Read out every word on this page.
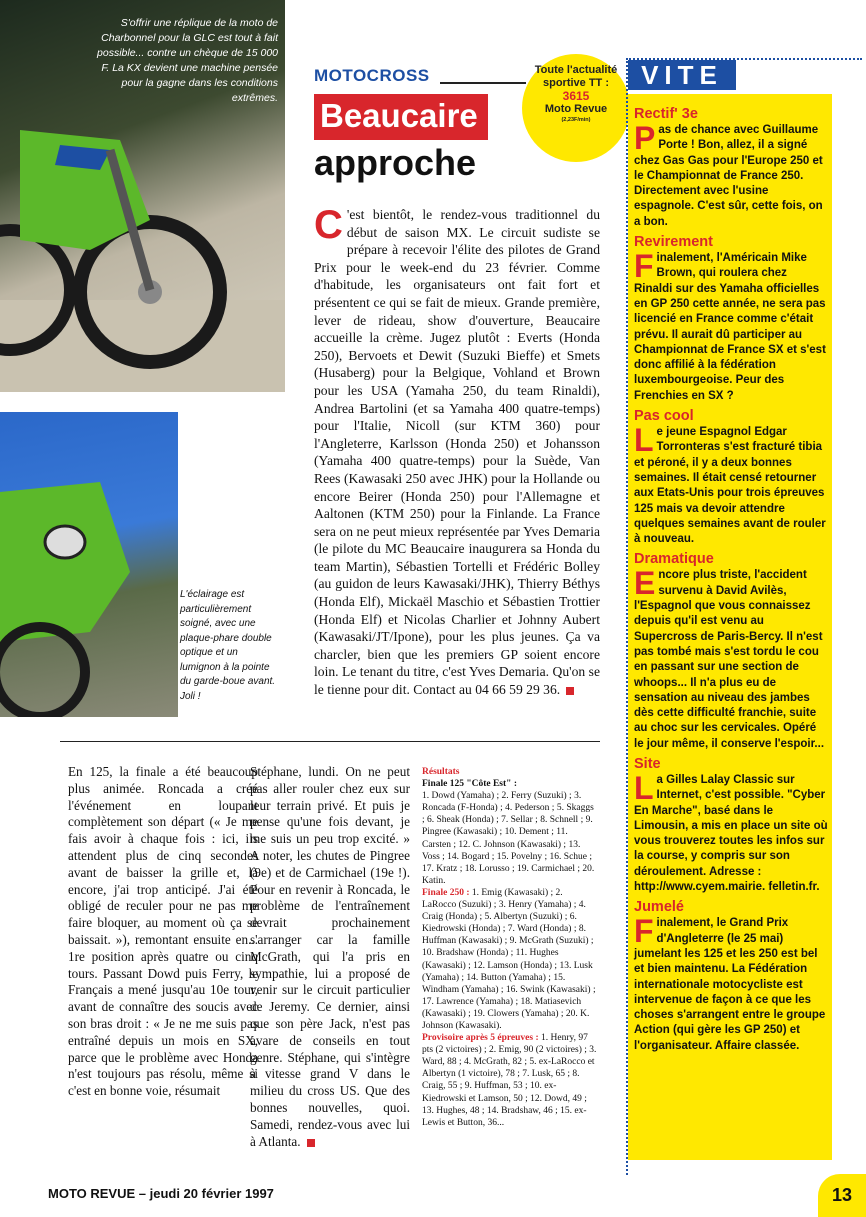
S'offrir une réplique de la moto de Charbonnel pour la GLC est tout à fait possible... contre un chèque de 15 000 F. La KX devient une machine pensée pour la gagne dans les conditions extrêmes.
L'éclairage est particulièrement soigné, avec une plaque-phare double optique et un lumignon à la pointe du garde-boue avant. Joli !
MOTOCROSS
Beaucaire
approche
Toute l'actualité sportive TT :
3615
Moto Revue
(2,23F/min)
C 'est bientôt, le rendez-vous traditionnel du début de saison MX. Le circuit sudiste se prépare à recevoir l'élite des pilotes de Grand Prix pour le week-end du 23 février. Comme d'habitude, les organisateurs ont fait fort et présentent ce qui se fait de mieux. Grande première, lever de rideau, show d'ouverture, Beaucaire accueille la crème. Jugez plutôt : Everts (Honda 250), Bervoets et Dewit (Suzuki Bieffe) et Smets (Husaberg) pour la Belgique, Vohland et Brown pour les USA (Yamaha 250, du team Rinaldi), Andrea Bartolini (et sa Yamaha 400 quatre-temps) pour l'Italie, Nicoll (sur KTM 360) pour l'Angleterre, Karlsson (Honda 250) et Johansson (Yamaha 400 quatre-temps) pour la Suède, Van Rees (Kawasaki 250 avec JHK) pour la Hollande ou encore Beirer (Honda 250) pour l'Allemagne et Aaltonen (KTM 250) pour la Finlande. La France sera on ne peut mieux représentée par Yves Demaria (le pilote du MC Beaucaire inaugurera sa Honda du team Martin), Sébastien Tortelli et Frédéric Bolley (au guidon de leurs Kawasaki/JHK), Thierry Béthys (Honda Elf), Mickaël Maschio et Sébastien Trottier (Honda Elf) et Nicolas Charlier et Johnny Aubert (Kawasaki/JT/Ipone), pour les plus jeunes. Ça va charcler, bien que les premiers GP soient encore loin. Le tenant du titre, c'est Yves Demaria. Qu'on se le tienne pour dit. Contact au 04 66 59 29 36.
VITE
Rectif' 3e

Pas de chance avec Guillaume Porte ! Bon, allez, il a signé chez Gas Gas pour l'Europe 250 et le Championnat de France 250. Directement avec l'usine espagnole. C'est sûr, cette fois, on a bon.

Revirement

Finalement, l'Américain Mike Brown, qui roulera chez Rinaldi sur des Yamaha officielles en GP 250 cette année, ne sera pas licencié en France comme c'était prévu. Il aurait dû participer au Championnat de France SX et s'est donc affilié à la fédération luxembourgeoise. Peur des Frenchies en SX ?

Pas cool

Le jeune Espagnol Edgar Torronteras s'est fracturé tibia et péroné, il y a deux bonnes semaines. Il était censé retourner aux Etats-Unis pour trois épreuves 125 mais va devoir attendre quelques semaines avant de rouler à nouveau.

Dramatique

Encore plus triste, l'accident survenu à David Avilès, l'Espagnol que vous connaissez depuis qu'il est venu au Supercross de Paris-Bercy. Il n'est pas tombé mais s'est tordu le cou en passant sur une section de whoops... Il n'a plus eu de sensation au niveau des jambes dès cette difficulté franchie, suite au choc sur les cervicales. Opéré le jour même, il conserve l'espoir...

Site

La Gilles Lalay Classic sur Internet, c'est possible. "Cyber En Marche", basé dans le Limousin, a mis en place un site où vous trouverez toutes les infos sur la course, y compris sur son déroulement. Adresse : http://www.cyem.mairie. felletin.fr.

Jumelé

Finalement, le Grand Prix d'Angleterre (le 25 mai) jumelant les 125 et les 250 est bel et bien maintenu. La Fédération internationale motocycliste est intervenue de façon à ce que les choses s'arrangent entre le groupe Action (qui gère les GP 250) et l'organisateur. Affaire classée.

En 125, la finale a été beaucoup plus animée. Roncada a créé l'événement en loupant complètement son départ (« Je me fais avoir à chaque fois : ici, ils attendent plus de cinq secondes avant de baisser la grille et, là encore, j'ai trop anticipé. J'ai été obligé de reculer pour ne pas me faire bloquer, au moment où ça se baissait. »), remontant ensuite en... 1re position après quatre ou cinq tours. Passant Dowd puis Ferry, le Français a mené jusqu'au 10e tour, avant de connaître des soucis avec son bras droit : « Je ne me suis pas entraîné depuis un mois en SX, parce que le problème avec Honda n'est toujours pas résolu, même si c'est en bonne voie, résumait
Stéphane, lundi. On ne peut pas aller rouler chez eux sur leur terrain privé. Et puis je pense qu'une fois devant, je me suis un peu trop excité. » A noter, les chutes de Pingree (9e) et de Carmichael (19e !). Pour en revenir à Roncada, le problème de l'entraînement devrait prochainement s'arranger car la famille McGrath, qui l'a pris en sympathie, lui a proposé de venir sur le circuit particulier de Jeremy. Ce dernier, ainsi que son père Jack, n'est pas avare de conseils en tout genre. Stéphane, qui s'intègre à vitesse grand V dans le milieu du cross US. Que des bonnes nouvelles, quoi. Samedi, rendez-vous avec lui à Atlanta.
Résultats
Finale 125 "Côte Est" :
1. Dowd (Yamaha) ; 2. Ferry (Suzuki) ; 3. Roncada (F-Honda) ; 4. Pederson ; 5. Skaggs ; 6. Sheak (Honda) ; 7. Sellar ; 8. Schnell ; 9. Pingree (Kawasaki) ; 10. Dement ; 11. Carsten ; 12. C. Johnson (Kawasaki) ; 13. Voss ; 14. Bogard ; 15. Povelny ; 16. Schue ; 17. Kratz ; 18. Lorusso ; 19. Carmichael ; 20. Katin.
Finale 250 : 1. Emig (Kawasaki) ; 2. LaRocco (Suzuki) ; 3. Henry (Yamaha) ; 4. Craig (Honda) ; 5. Albertyn (Suzuki) ; 6. Kiedrowski (Honda) ; 7. Ward (Honda) ; 8. Huffman (Kawasaki) ; 9. McGrath (Suzuki) ; 10. Bradshaw (Honda) ; 11. Hughes (Kawasaki) ; 12. Lamson (Honda) ; 13. Lusk (Yamaha) ; 14. Button (Yamaha) ; 15. Windham (Yamaha) ; 16. Swink (Kawasaki) ; 17. Lawrence (Yamaha) ; 18. Matiasevich (Kawasaki) ; 19. Clowers (Yamaha) ; 20. K. Johnson (Kawasaki).
Provisoire après 5 épreuves : 1. Henry, 97 pts (2 victoires) ; 2. Emig, 90 (2 victoires) ; 3. Ward, 88 ; 4. McGrath, 82 ; 5. ex-LaRocco et Albertyn (1 victoire), 78 ; 7. Lusk, 65 ; 8. Craig, 55 ; 9. Huffman, 53 ; 10. ex-Kiedrowski et Lamson, 50 ; 12. Dowd, 49 ; 13. Hughes, 48 ; 14. Bradshaw, 46 ; 15. ex-Lewis et Button, 36...
MOTO REVUE – jeudi 20 février 1997	13
